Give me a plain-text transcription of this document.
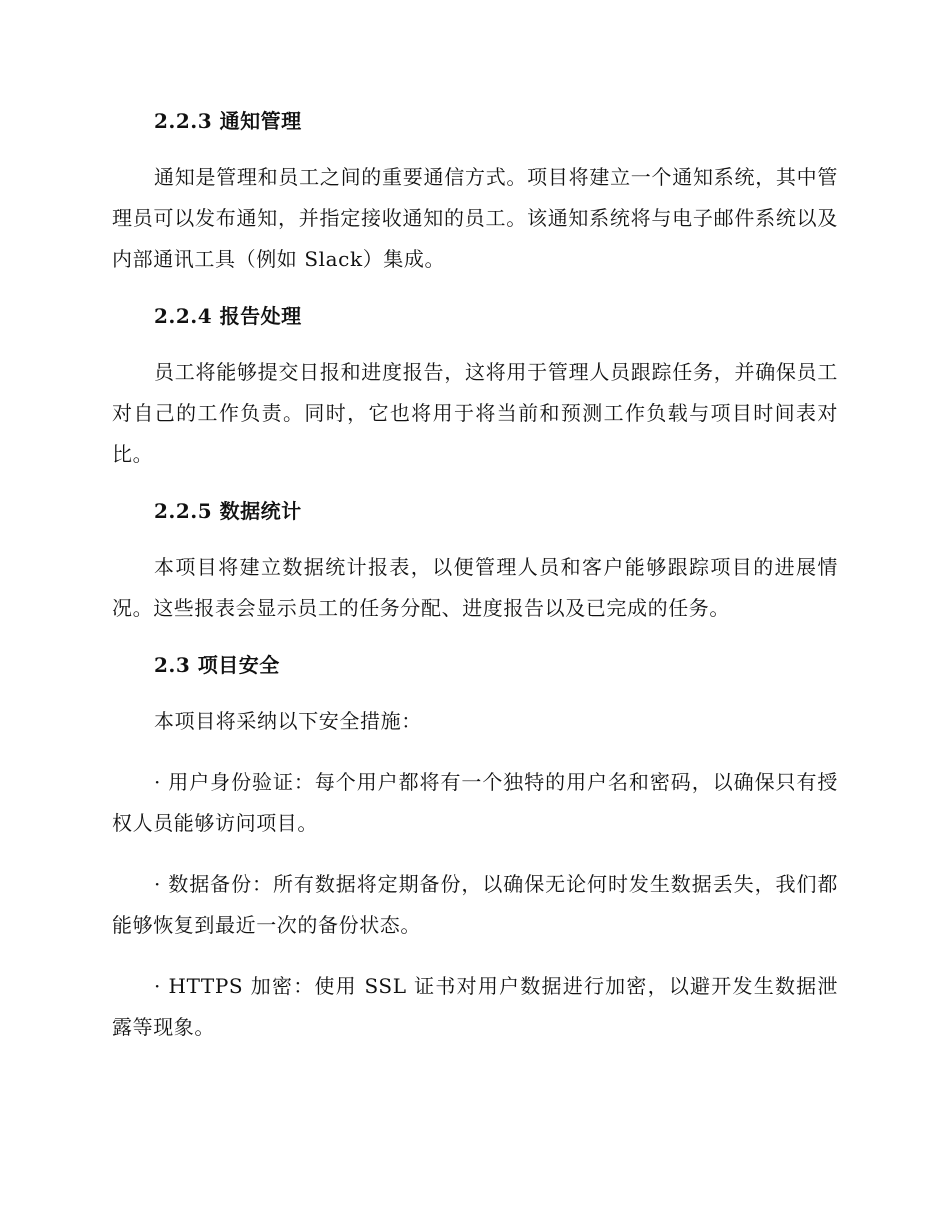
2.2.3 通知管理
通知是管理和员工之间的重要通信方式。项目将建立一个通知系统，其中管理员可以发布通知，并指定接收通知的员工。该通知系统将与电子邮件系统以及内部通讯工具（例如 Slack）集成。
2.2.4 报告处理
员工将能够提交日报和进度报告，这将用于管理人员跟踪任务，并确保员工对自己的工作负责。同时，它也将用于将当前和预测工作负载与项目时间表对比。
2.2.5 数据统计
本项目将建立数据统计报表，以便管理人员和客户能够跟踪项目的进展情况。这些报表会显示员工的任务分配、进度报告以及已完成的任务。
2.3 项目安全
本项目将采纳以下安全措施：
· 用户身份验证：每个用户都将有一个独特的用户名和密码，以确保只有授权人员能够访问项目。
· 数据备份：所有数据将定期备份，以确保无论何时发生数据丢失，我们都能够恢复到最近一次的备份状态。
· HTTPS 加密：使用 SSL 证书对用户数据进行加密，以避开发生数据泄露等现象。
